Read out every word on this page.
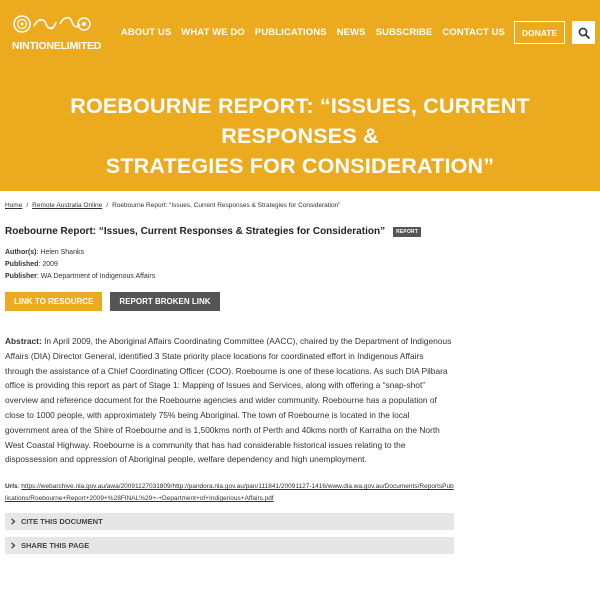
NINTIONELIMITED
ABOUT US WHAT WE DO PUBLICATIONS NEWS SUBSCRIBE CONTACT US	DONATE
ROEBOURNE REPORT: “ISSUES, CURRENT RESPONSES &
STRATEGIES FOR CONSIDERATION”
Home / Remote Australia Online / Roebourne Report: “Issues, Current Responses & Strategies for Consideration”
Roebourne Report: “Issues, Current Responses & Strategies for Consideration”	REPORT
Author(s): Helen Shanks
Published: 2009
Publisher: WA Department of Indigenous Affairs
LINK TO RESOURCE	REPORT BROKEN LINK

Abstract: In April 2009, the Aboriginal Affairs Coordinating Committee (AACC), chaired by the Department of Indigenous Affairs (DIA) Director General, identified 3 State priority place locations for coordinated effort in Indigenous Affairs through the assistance of a Chief Coordinating Officer (COO). Roebourne is one of these locations. As such DIA Pilbara office is providing this report as part of Stage 1: Mapping of Issues and Services, along with offering a “snap-shot” overview and reference document for the Roebourne agencies and wider community. Roebourne has a population of close to 1000 people, with approximately 75% being Aboriginal. The town of Roebourne is located in the local government area of the Shire of Roebourne and is 1,500kms north of Perth and 40kms north of Karratha on the North West Coastal Highway. Roebourne is a community that has had considerable historical issues relating to the dispossession and oppression of Aboriginal people, welfare dependency and high unemployment.

Urls: https://webarchive.nla.gov.au/awa/20091127031809/http://pandora.nla.gov.au/pan/111841/20091127-1416/www.dia.wa.gov.au/Documents/ReportsPublications/Roebourne+Report+2009+%28FINAL%29+-+Department+of+Indigenous+Affairs.pdf

CITE THIS DOCUMENT
SHARE THIS PAGE
